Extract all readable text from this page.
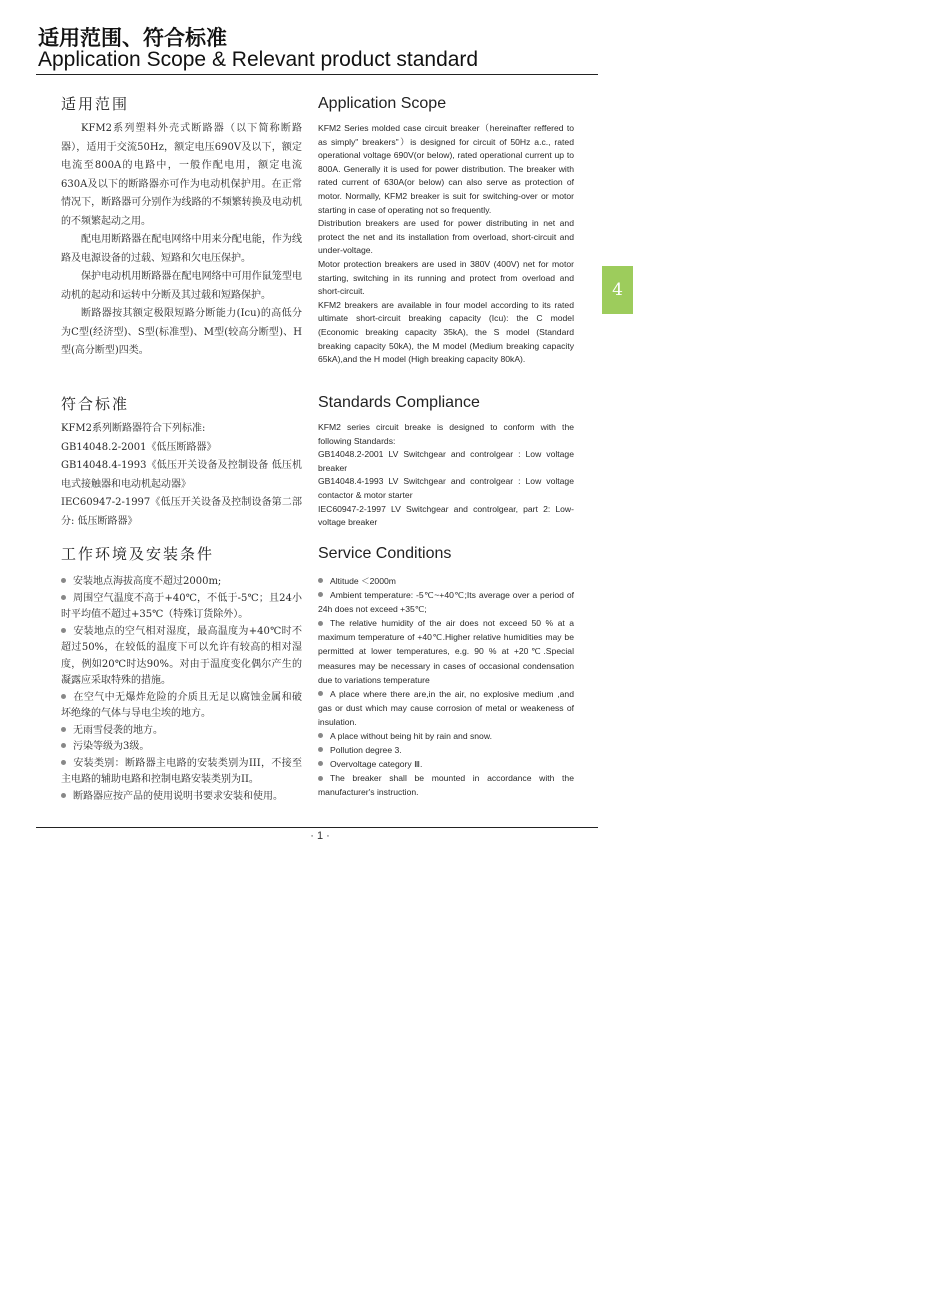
适用范围、符合标准
Application Scope & Relevant product standard
4
适用范围

KFM2系列塑料外壳式断路器（以下简称断路器），适用于交流50Hz，额定电压690V及以下，额定电流至800A的电路中，一般作配电用，额定电流630A及以下的断路器亦可作为电动机保护用。在正常情况下，断路器可分别作为线路的不频繁转换及电动机的不频繁起动之用。

配电用断路器在配电网络中用来分配电能，作为线路及电源设备的过载、短路和欠电压保护。

保护电动机用断路器在配电网络中可用作鼠笼型电动机的起动和运转中分断及其过载和短路保护。

断路器按其额定极限短路分断能力(Icu)的高低分为C型(经济型)、S型(标准型)、M型(较高分断型)、H型(高分断型)四类。

符合标准

KFM2系列断路器符合下列标准:

GB14048.2-2001《低压断路器》

GB14048.4-1993《低压开关设备及控制设备 低压机电式接触器和电动机起动器》

IEC60947-2-1997《低压开关设备及控制设备第二部分: 低压断路器》

工作环境及安装条件
安装地点海拔高度不超过2000m;
周围空气温度不高于+40℃，不低于-5℃；且24小时平均值不超过+35℃（特殊订货除外）。
安装地点的空气相对湿度，最高温度为+40℃时不超过50%，在较低的温度下可以允许有较高的相对湿度，例如20℃时达90%。对由于温度变化偶尔产生的凝露应采取特殊的措施。
在空气中无爆炸危险的介质且无足以腐蚀金属和破坏绝缘的气体与导电尘埃的地方。
无雨雪侵袭的地方。
污染等级为3级。
安装类别：断路器主电路的安装类别为III，不接至主电路的辅助电路和控制电路安装类别为II。
断路器应按产品的使用说明书要求安装和使用。
Application Scope

KFM2 Series molded case circuit breaker（hereinafter reffered to as simply" breakers"）is designed for circuit of 50Hz a.c., rated operational voltage 690V(or below), rated operational current up to 800A. Generally it is used for power distribution. The breaker with rated current of 630A(or below) can also serve as protection of motor. Normally, KFM2 breaker is suit for switching-over or motor starting in case of operating not so frequently.

Distribution breakers are used for power distributing in net and protect the net and its installation from overload, short-circuit and under-voltage.

Motor protection breakers are used in 380V (400V) net for motor starting, switching in its running and protect from overload and short-circuit.

KFM2 breakers are available in four model according to its rated ultimate short-circuit breaking capacity (Icu): the C model (Economic breaking capacity 35kA), the S model (Standard breaking capacity 50kA), the M model (Medium breaking capacity 65kA),and the H model (High breaking capacity 80kA).

Standards Compliance

KFM2 series circuit breake is designed to conform with the following Standards:

GB14048.2-2001 LV Switchgear and controlgear : Low voltage breaker

GB14048.4-1993 LV Switchgear and controlgear : Low voltage contactor & motor starter

IEC60947-2-1997 LV Switchgear and controlgear, part 2: Low-voltage breaker

Service Conditions
Altitude ＜2000m
Ambient temperature: -5℃~+40℃;Its average over a period of 24h does not exceed +35℃;
The relative humidity of the air does not exceed 50 % at a maximum temperature of +40℃.Higher relative humidities may be permitted at lower temperatures, e.g. 90 % at +20℃.Special measures may be necessary in cases of occasional condensation due to variations temperature
A place where there are,in the air, no explosive medium ,and gas or dust which may cause corrosion of metal or weakeness of insulation.
A place without being hit by rain and snow.
Pollution degree 3.
Overvoltage category Ⅲ.
The breaker shall be mounted in accordance with the manufacturer's instruction.
· 1 ·
